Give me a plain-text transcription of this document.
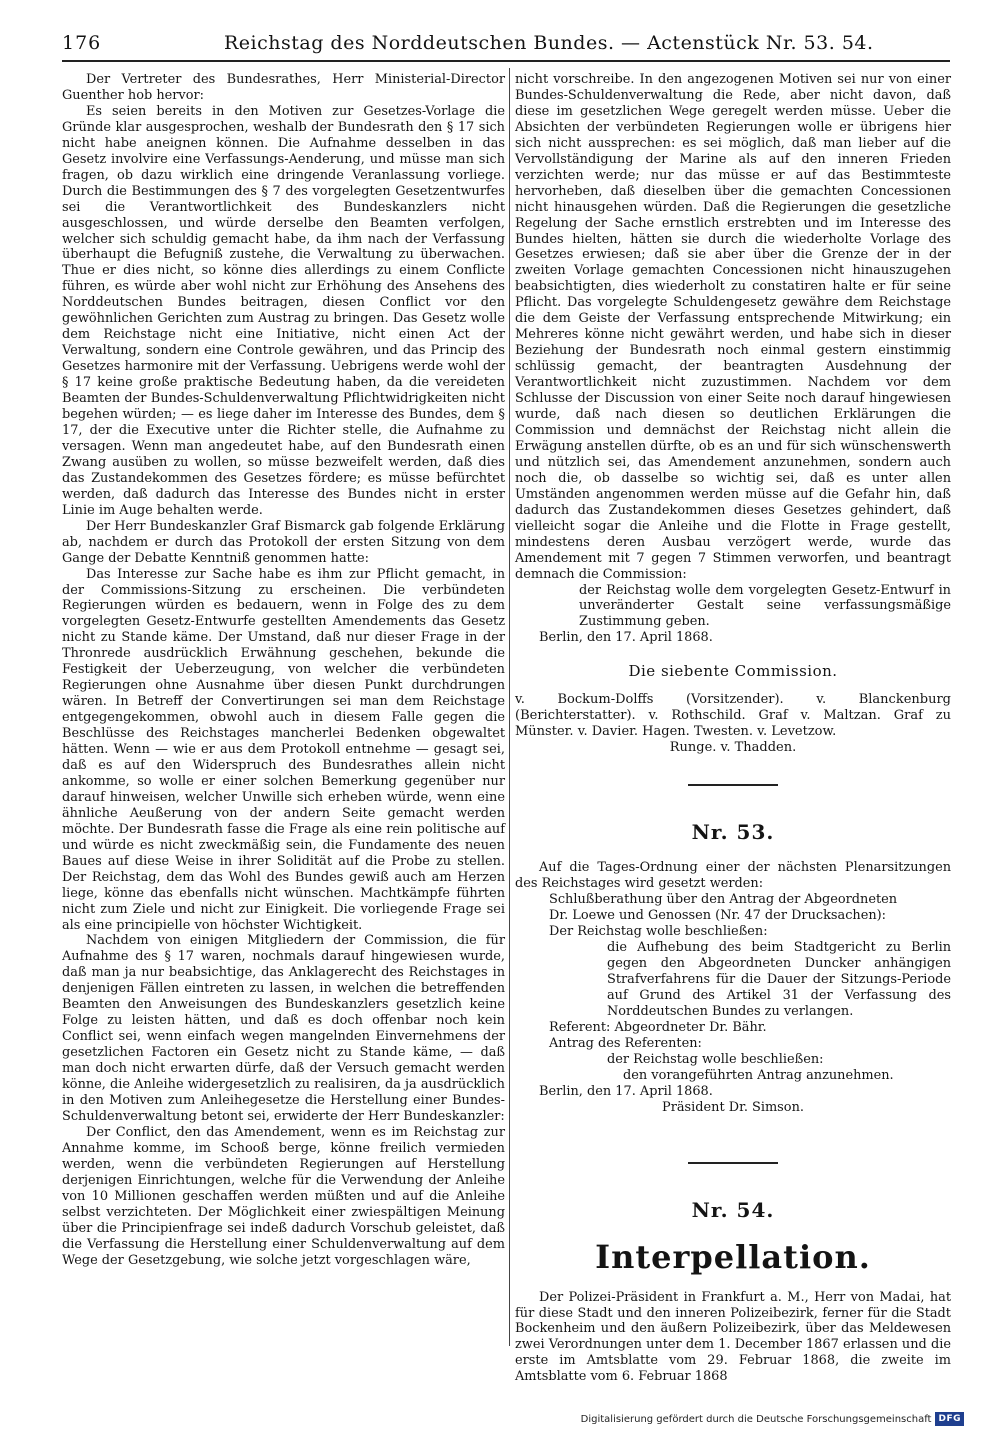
176	Reichstag des Norddeutschen Bundes. — Actenstück Nr. 53. 54.

Der Vertreter des Bundesrathes, Herr Ministerial-Director Guenther hob hervor:

Es seien bereits in den Motiven zur Gesetzes-Vorlage die Gründe klar ausgesprochen, weshalb der Bundesrath den § 17 sich nicht habe aneignen können. Die Aufnahme desselben in das Gesetz involvire eine Verfassungs-Aenderung, und müsse man sich fragen, ob dazu wirklich eine dringende Veranlassung vorliege. Durch die Bestimmungen des § 7 des vorgelegten Gesetzentwurfes sei die Verantwortlichkeit des Bundeskanzlers nicht ausgeschlossen, und würde derselbe den Beamten verfolgen, welcher sich schuldig gemacht habe, da ihm nach der Verfassung überhaupt die Befugniß zustehe, die Verwaltung zu überwachen. Thue er dies nicht, so könne dies allerdings zu einem Conflicte führen, es würde aber wohl nicht zur Erhöhung des Ansehens des Norddeutschen Bundes beitragen, diesen Conflict vor den gewöhnlichen Gerichten zum Austrag zu bringen. Das Gesetz wolle dem Reichstage nicht eine Initiative, nicht einen Act der Verwaltung, sondern eine Controle gewähren, und das Princip des Gesetzes harmonire mit der Verfassung. Uebrigens werde wohl der § 17 keine große praktische Bedeutung haben, da die vereideten Beamten der Bundes-Schuldenverwaltung Pflichtwidrigkeiten nicht begehen würden; — es liege daher im Interesse des Bundes, dem § 17, der die Executive unter die Richter stelle, die Aufnahme zu versagen. Wenn man angedeutet habe, auf den Bundesrath einen Zwang ausüben zu wollen, so müsse bezweifelt werden, daß dies das Zustandekommen des Gesetzes fördere; es müsse befürchtet werden, daß dadurch das Interesse des Bundes nicht in erster Linie im Auge behalten werde.

Der Herr Bundeskanzler Graf Bismarck gab folgende Erklärung ab, nachdem er durch das Protokoll der ersten Sitzung von dem Gange der Debatte Kenntniß genommen hatte:

Das Interesse zur Sache habe es ihm zur Pflicht gemacht, in der Commissions-Sitzung zu erscheinen. Die verbündeten Regierungen würden es bedauern, wenn in Folge des zu dem vorgelegten Gesetz-Entwurfe gestellten Amendements das Gesetz nicht zu Stande käme. Der Umstand, daß nur dieser Frage in der Thronrede ausdrücklich Erwähnung geschehen, bekunde die Festigkeit der Ueberzeugung, von welcher die verbündeten Regierungen ohne Ausnahme über diesen Punkt durchdrungen wären. In Betreff der Convertirungen sei man dem Reichstage entgegengekommen, obwohl auch in diesem Falle gegen die Beschlüsse des Reichstages mancherlei Bedenken obgewaltet hätten. Wenn — wie er aus dem Protokoll entnehme — gesagt sei, daß es auf den Widerspruch des Bundesrathes allein nicht ankomme, so wolle er einer solchen Bemerkung gegenüber nur darauf hinweisen, welcher Unwille sich erheben würde, wenn eine ähnliche Aeußerung von der andern Seite gemacht werden möchte. Der Bundesrath fasse die Frage als eine rein politische auf und würde es nicht zweckmäßig sein, die Fundamente des neuen Baues auf diese Weise in ihrer Solidität auf die Probe zu stellen. Der Reichstag, dem das Wohl des Bundes gewiß auch am Herzen liege, könne das ebenfalls nicht wünschen. Machtkämpfe führten nicht zum Ziele und nicht zur Einigkeit. Die vorliegende Frage sei als eine principielle von höchster Wichtigkeit.

Nachdem von einigen Mitgliedern der Commission, die für Aufnahme des § 17 waren, nochmals darauf hingewiesen wurde, daß man ja nur beabsichtige, das Anklagerecht des Reichstages in denjenigen Fällen eintreten zu lassen, in welchen die betreffenden Beamten den Anweisungen des Bundeskanzlers gesetzlich keine Folge zu leisten hätten, und daß es doch offenbar noch kein Conflict sei, wenn einfach wegen mangelnden Einvernehmens der gesetzlichen Factoren ein Gesetz nicht zu Stande käme, — daß man doch nicht erwarten dürfe, daß der Versuch gemacht werden könne, die Anleihe widergesetzlich zu realisiren, da ja ausdrücklich in den Motiven zum Anleihegesetze die Herstellung einer Bundes-Schuldenverwaltung betont sei, erwiderte der Herr Bundeskanzler:

Der Conflict, den das Amendement, wenn es im Reichstag zur Annahme komme, im Schooß berge, könne freilich vermieden werden, wenn die verbündeten Regierungen auf Herstellung derjenigen Einrichtungen, welche für die Verwendung der Anleihe von 10 Millionen geschaffen werden müßten und auf die Anleihe selbst verzichteten. Der Möglichkeit einer zwiespältigen Meinung über die Principienfrage sei indeß dadurch Vorschub geleistet, daß die Verfassung die Herstellung einer Schuldenverwaltung auf dem Wege der Gesetzgebung, wie solche jetzt vorgeschlagen wäre,

nicht vorschreibe. In den angezogenen Motiven sei nur von einer Bundes-Schuldenverwaltung die Rede, aber nicht davon, daß diese im gesetzlichen Wege geregelt werden müsse. Ueber die Absichten der verbündeten Regierungen wolle er übrigens hier sich nicht aussprechen: es sei möglich, daß man lieber auf die Vervollständigung der Marine als auf den inneren Frieden verzichten werde; nur das müsse er auf das Bestimmteste hervorheben, daß dieselben über die gemachten Concessionen nicht hinausgehen würden. Daß die Regierungen die gesetzliche Regelung der Sache ernstlich erstrebten und im Interesse des Bundes hielten, hätten sie durch die wiederholte Vorlage des Gesetzes erwiesen; daß sie aber über die Grenze der in der zweiten Vorlage gemachten Concessionen nicht hinauszugehen beabsichtigten, dies wiederholt zu constatiren halte er für seine Pflicht. Das vorgelegte Schuldengesetz gewähre dem Reichstage die dem Geiste der Verfassung entsprechende Mitwirkung; ein Mehreres könne nicht gewährt werden, und habe sich in dieser Beziehung der Bundesrath noch einmal gestern einstimmig schlüssig gemacht, der beantragten Ausdehnung der Verantwortlichkeit nicht zuzustimmen. Nachdem vor dem Schlusse der Discussion von einer Seite noch darauf hingewiesen wurde, daß nach diesen so deutlichen Erklärungen die Commission und demnächst der Reichstag nicht allein die Erwägung anstellen dürfte, ob es an und für sich wünschenswerth und nützlich sei, das Amendement anzunehmen, sondern auch noch die, ob dasselbe so wichtig sei, daß es unter allen Umständen angenommen werden müsse auf die Gefahr hin, daß dadurch das Zustandekommen dieses Gesetzes gehindert, daß vielleicht sogar die Anleihe und die Flotte in Frage gestellt, mindestens deren Ausbau verzögert werde, wurde das Amendement mit 7 gegen 7 Stimmen verworfen, und beantragt demnach die Commission:

der Reichstag wolle dem vorgelegten Gesetz-Entwurf in unveränderter Gestalt seine verfassungsmäßige Zustimmung geben.

Berlin, den 17. April 1868.

Die siebente Commission.

v. Bockum-Dolffs (Vorsitzender). v. Blanckenburg (Berichterstatter). v. Rothschild. Graf v. Maltzan. Graf zu Münster. v. Davier. Hagen. Twesten. v. Levetzow.

Runge. v. Thadden.
Nr. 53.

Auf die Tages-Ordnung einer der nächsten Plenarsitzungen des Reichstages wird gesetzt werden:

Schlußberathung über den Antrag der Abgeordneten

Dr. Loewe und Genossen (Nr. 47 der Drucksachen):

Der Reichstag wolle beschließen:

die Aufhebung des beim Stadtgericht zu Berlin gegen den Abgeordneten Duncker anhängigen Strafverfahrens für die Dauer der Sitzungs-Periode auf Grund des Artikel 31 der Verfassung des Norddeutschen Bundes zu verlangen.

Referent: Abgeordneter Dr. Bähr.

Antrag des Referenten:

der Reichstag wolle beschließen:

den vorangeführten Antrag anzunehmen.

Berlin, den 17. April 1868.

Präsident Dr. Simson.

Nr. 54.
Interpellation.

Der Polizei-Präsident in Frankfurt a. M., Herr von Madai, hat für diese Stadt und den inneren Polizeibezirk, ferner für die Stadt Bockenheim und den äußern Polizeibezirk, über das Meldewesen zwei Verordnungen unter dem 1. December 1867 erlassen und die erste im Amtsblatte vom 29. Februar 1868, die zweite im Amtsblatte vom 6. Februar 1868

Digitalisierung gefördert durch die Deutsche Forschungsgemeinschaft DFG
